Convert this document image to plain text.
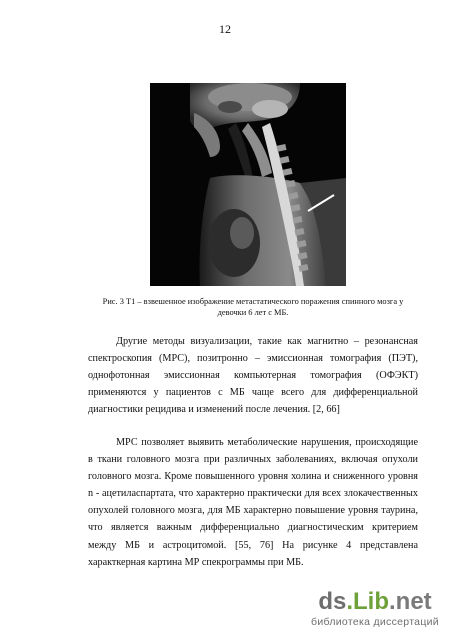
12
Рис. 3 Т1 – взвешенное изображение метастатического поражения спинного мозга у девочки 6 лет с МБ.

Другие методы визуализации, такие как магнитно – резонансная спектроскопия (МРС), позитронно – эмиссионная томография (ПЭТ), однофотонная эмиссионная компьютерная томография (ОФЭКТ) применяются у пациентов с МБ чаще всего для дифференциальной диагностики рецидива и изменений после лечения. [2, 66]

МРС позволяет выявить метаболические нарушения, происходящие в ткани головного мозга при различных заболеваниях, включая опухоли головного мозга. Кроме повышенного уровня холина и сниженного уровня n - ацетиласпартата, что характерно практически для всех злокачественных опухолей головного мозга, для МБ характерно повышение уровня таурина, что является важным дифференциально диагностическим критерием между МБ и астроцитомой. [55, 76] На рисунке 4 представлена характкерная картина МР спекрограммы при МБ.

ds.Lib.net
библиотека диссертаций
